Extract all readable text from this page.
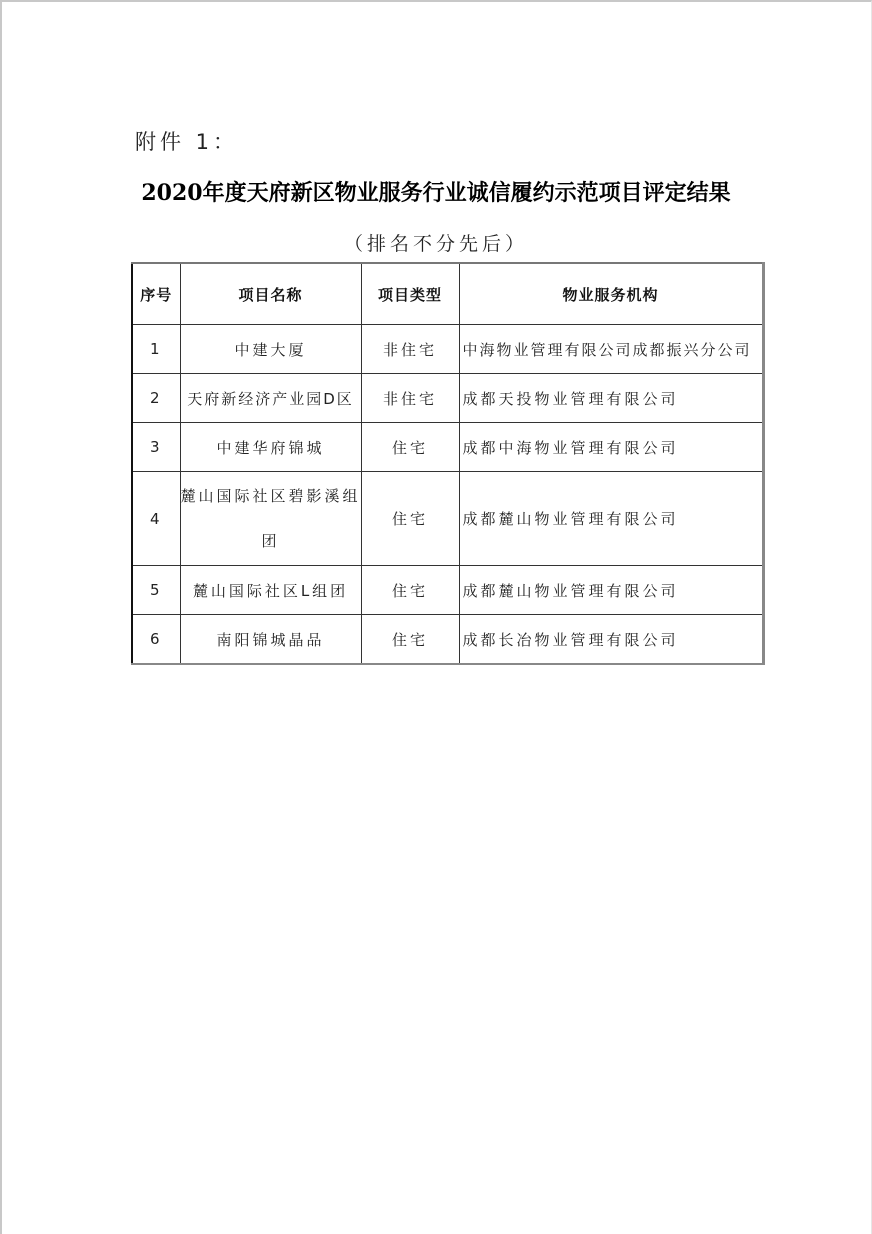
附件 1：
2020年度天府新区物业服务行业诚信履约示范项目评定结果
（排名不分先后）
序号	项目名称	项目类型	物业服务机构
1	中建大厦	非住宅	中海物业管理有限公司成都振兴分公司
2	天府新经济产业园D区	非住宅	成都天投物业管理有限公司
3	中建华府锦城	住宅	成都中海物业管理有限公司
4	麓山国际社区碧影溪组团	住宅	成都麓山物业管理有限公司
5	麓山国际社区L组团	住宅	成都麓山物业管理有限公司
6	南阳锦城晶品	住宅	成都长冶物业管理有限公司
